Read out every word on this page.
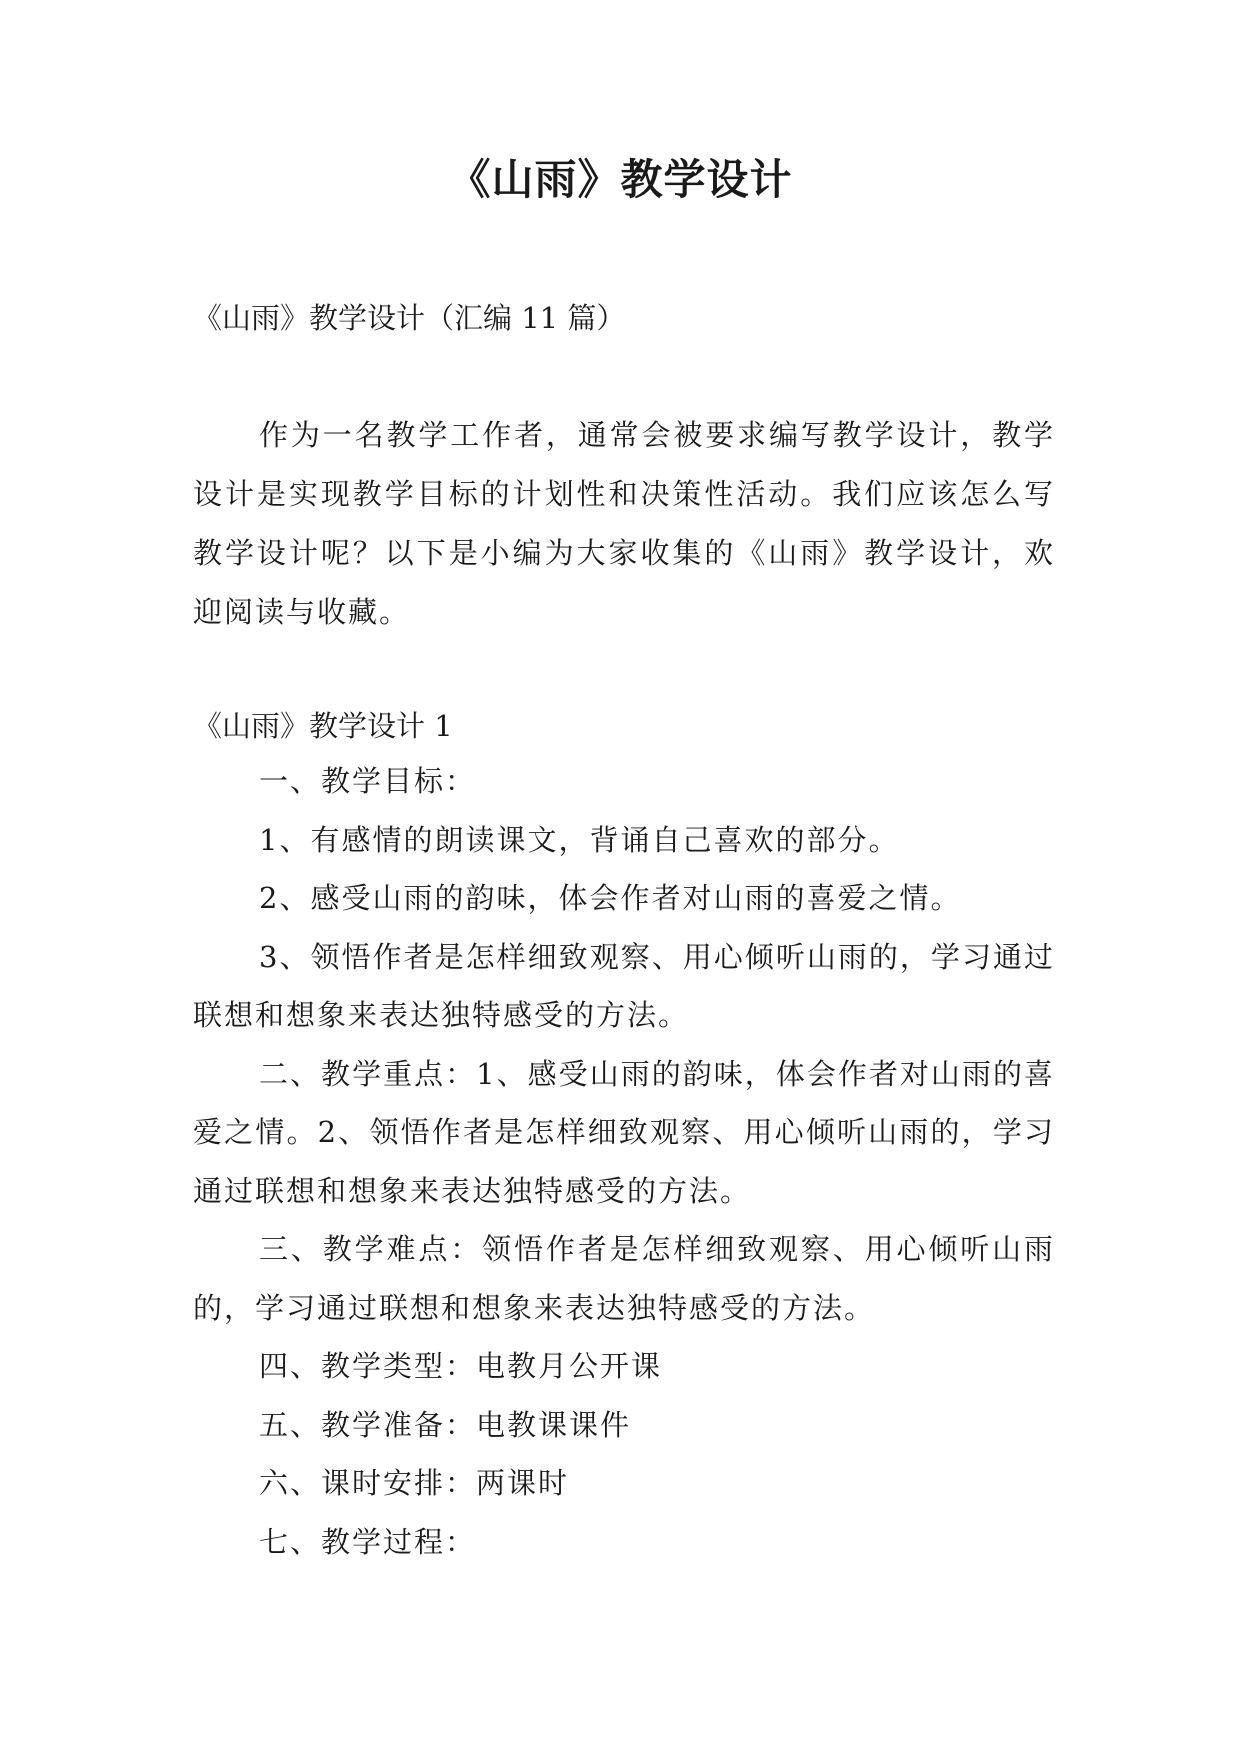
《山雨》教学设计

《山雨》教学设计（汇编 11 篇）

作为一名教学工作者，通常会被要求编写教学设计，教学设计是实现教学目标的计划性和决策性活动。我们应该怎么写教学设计呢？以下是小编为大家收集的《山雨》教学设计，欢迎阅读与收藏。

《山雨》教学设计 1

一、教学目标：

1、有感情的朗读课文，背诵自己喜欢的部分。

2、感受山雨的韵味，体会作者对山雨的喜爱之情。

3、领悟作者是怎样细致观察、用心倾听山雨的，学习通过联想和想象来表达独特感受的方法。

二、教学重点：1、感受山雨的韵味，体会作者对山雨的喜爱之情。2、领悟作者是怎样细致观察、用心倾听山雨的，学习通过联想和想象来表达独特感受的方法。

三、教学难点：领悟作者是怎样细致观察、用心倾听山雨的，学习通过联想和想象来表达独特感受的方法。

四、教学类型：电教月公开课

五、教学准备：电教课课件

六、课时安排：两课时

七、教学过程：
